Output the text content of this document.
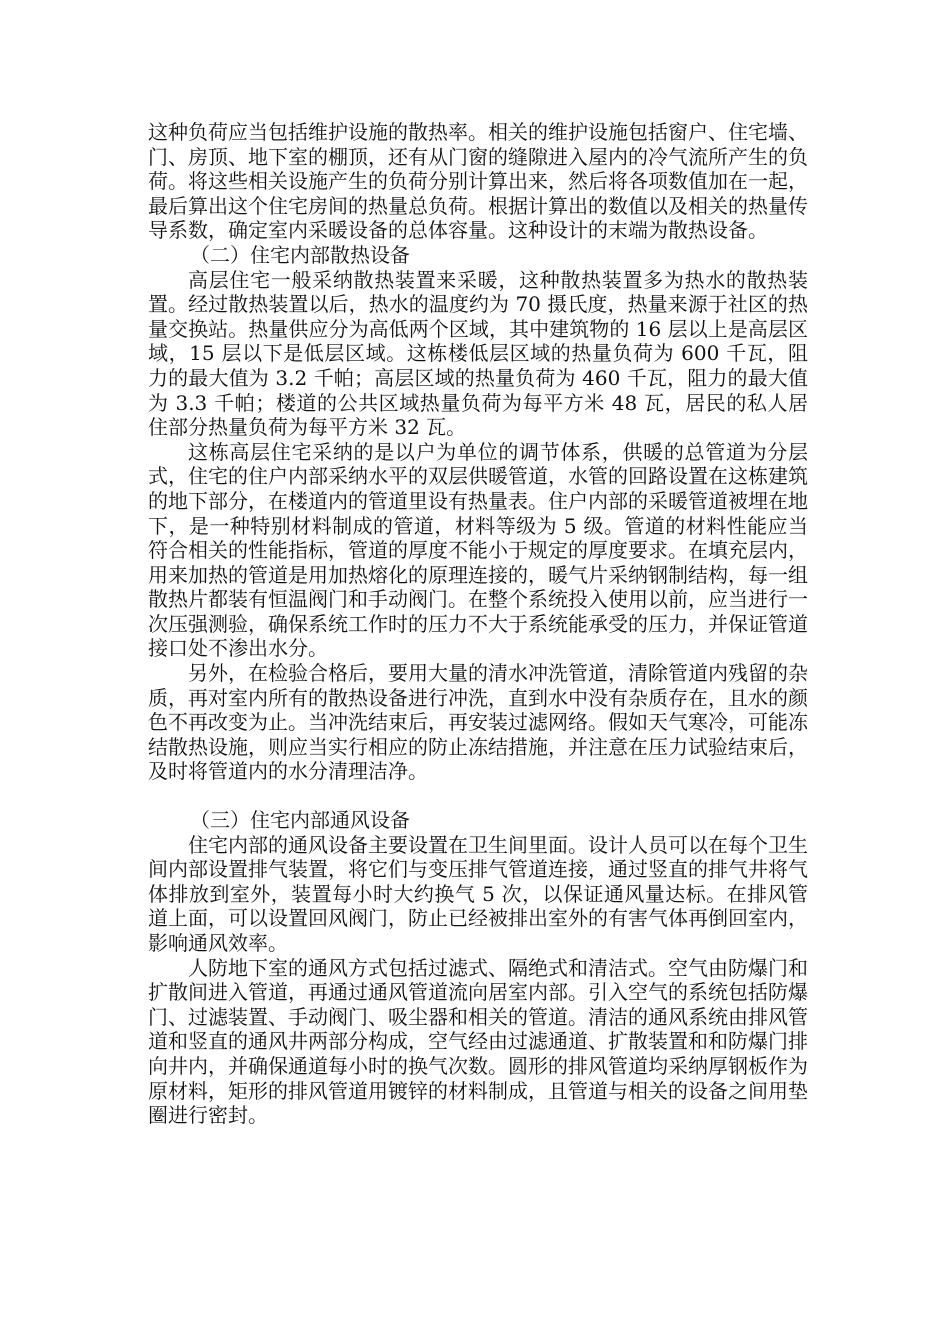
这种负荷应当包括维护设施的散热率。相关的维护设施包括窗户、住宅墙、门、房顶、地下室的棚顶，还有从门窗的缝隙进入屋内的冷气流所产生的负荷。将这些相关设施产生的负荷分别计算出来，然后将各项数值加在一起，最后算出这个住宅房间的热量总负荷。根据计算出的数值以及相关的热量传导系数，确定室内采暖设备的总体容量。这种设计的末端为散热设备。

（二）住宅内部散热设备

高层住宅一般采纳散热装置来采暖，这种散热装置多为热水的散热装置。经过散热装置以后，热水的温度约为 70 摄氏度，热量来源于社区的热量交换站。热量供应分为高低两个区域，其中建筑物的 16 层以上是高层区域，15 层以下是低层区域。这栋楼低层区域的热量负荷为 600 千瓦，阻力的最大值为 3.2 千帕；高层区域的热量负荷为 460 千瓦，阻力的最大值为 3.3 千帕；楼道的公共区域热量负荷为每平方米 48 瓦，居民的私人居住部分热量负荷为每平方米 32 瓦。

这栋高层住宅采纳的是以户为单位的调节体系，供暖的总管道为分层式，住宅的住户内部采纳水平的双层供暖管道，水管的回路设置在这栋建筑的地下部分，在楼道内的管道里设有热量表。住户内部的采暖管道被埋在地下，是一种特别材料制成的管道，材料等级为 5 级。管道的材料性能应当符合相关的性能指标，管道的厚度不能小于规定的厚度要求。在填充层内，用来加热的管道是用加热熔化的原理连接的，暖气片采纳钢制结构，每一组散热片都装有恒温阀门和手动阀门。在整个系统投入使用以前，应当进行一次压强测验，确保系统工作时的压力不大于系统能承受的压力，并保证管道接口处不渗出水分。

另外，在检验合格后，要用大量的清水冲洗管道，清除管道内残留的杂质，再对室内所有的散热设备进行冲洗，直到水中没有杂质存在，且水的颜色不再改变为止。当冲洗结束后，再安装过滤网络。假如天气寒冷，可能冻结散热设施，则应当实行相应的防止冻结措施，并注意在压力试验结束后，及时将管道内的水分清理洁净。

（三）住宅内部通风设备

住宅内部的通风设备主要设置在卫生间里面。设计人员可以在每个卫生间内部设置排气装置，将它们与变压排气管道连接，通过竖直的排气井将气体排放到室外，装置每小时大约换气 5 次，以保证通风量达标。在排风管道上面，可以设置回风阀门，防止已经被排出室外的有害气体再倒回室内，影响通风效率。

人防地下室的通风方式包括过滤式、隔绝式和清洁式。空气由防爆门和扩散间进入管道，再通过通风管道流向居室内部。引入空气的系统包括防爆门、过滤装置、手动阀门、吸尘器和相关的管道。清洁的通风系统由排风管道和竖直的通风井两部分构成，空气经由过滤通道、扩散装置和和防爆门排向井内，并确保通道每小时的换气次数。圆形的排风管道均采纳厚钢板作为原材料，矩形的排风管道用镀锌的材料制成，且管道与相关的设备之间用垫圈进行密封。
